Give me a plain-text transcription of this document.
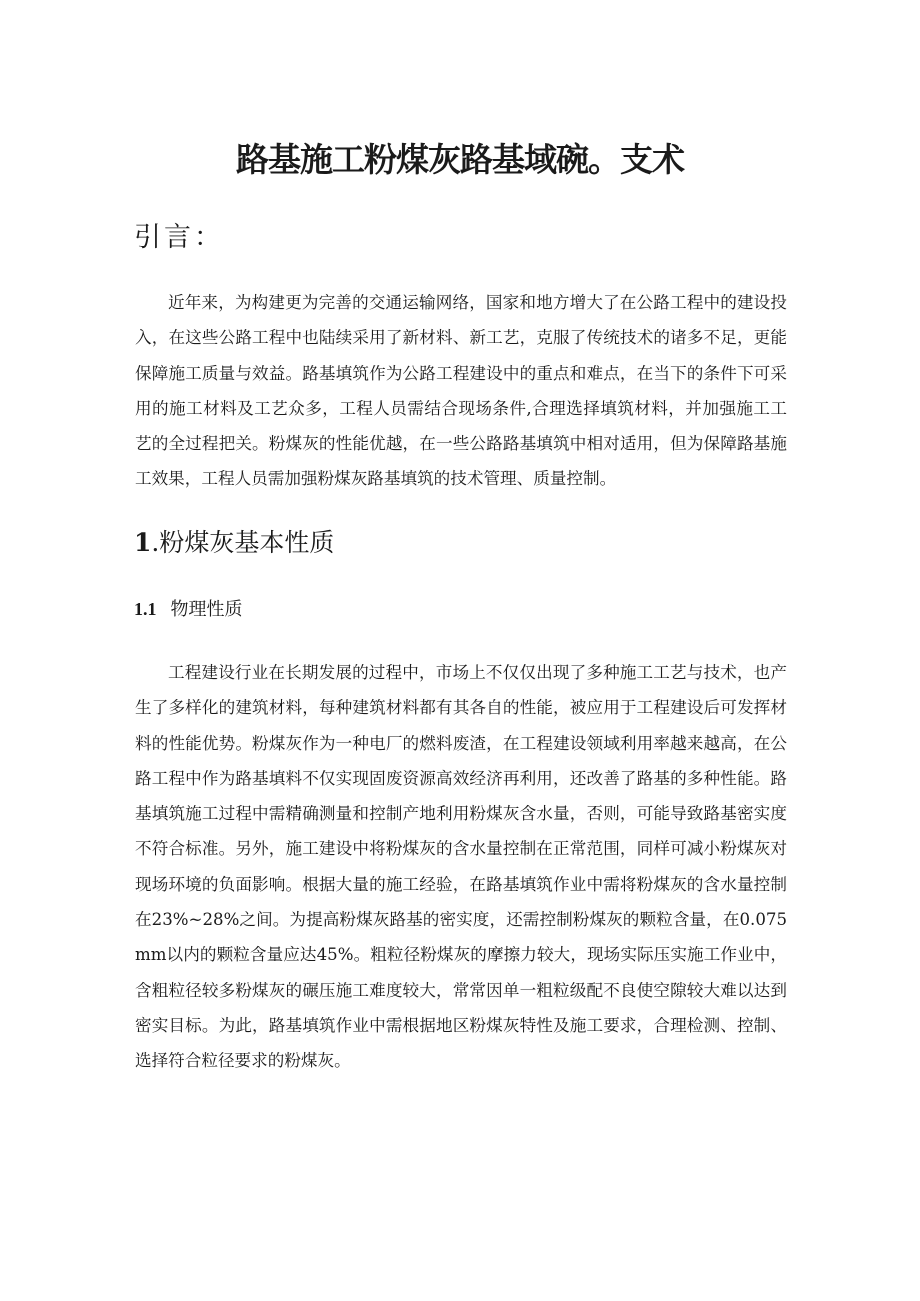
路基施工粉煤灰路基域碗。支术
引言：

近年来，为构建更为完善的交通运输网络，国家和地方增大了在公路工程中的建设投入，在这些公路工程中也陆续采用了新材料、新工艺，克服了传统技术的诸多不足，更能保障施工质量与效益。路基填筑作为公路工程建设中的重点和难点，在当下的条件下可采用的施工材料及工艺众多，工程人员需结合现场条件,合理选择填筑材料，并加强施工工艺的全过程把关。粉煤灰的性能优越，在一些公路路基填筑中相对适用，但为保障路基施工效果，工程人员需加强粉煤灰路基填筑的技术管理、质量控制。

1.粉煤灰基本性质
1.1 物理性质

工程建设行业在长期发展的过程中，市场上不仅仅出现了多种施工工艺与技术，也产生了多样化的建筑材料，每种建筑材料都有其各自的性能，被应用于工程建设后可发挥材料的性能优势。粉煤灰作为一种电厂的燃料废渣，在工程建设领域利用率越来越高，在公路工程中作为路基填料不仅实现固废资源高效经济再利用，还改善了路基的多种性能。路基填筑施工过程中需精确测量和控制产地利用粉煤灰含水量，否则，可能导致路基密实度不符合标准。另外，施工建设中将粉煤灰的含水量控制在正常范围，同样可减小粉煤灰对现场环境的负面影响。根据大量的施工经验，在路基填筑作业中需将粉煤灰的含水量控制在23%~28%之间。为提高粉煤灰路基的密实度，还需控制粉煤灰的颗粒含量，在0.075mm以内的颗粒含量应达45%。粗粒径粉煤灰的摩擦力较大，现场实际压实施工作业中，含粗粒径较多粉煤灰的碾压施工难度较大，常常因单一粗粒级配不良使空隙较大难以达到密实目标。为此，路基填筑作业中需根据地区粉煤灰特性及施工要求，合理检测、控制、选择符合粒径要求的粉煤灰。
